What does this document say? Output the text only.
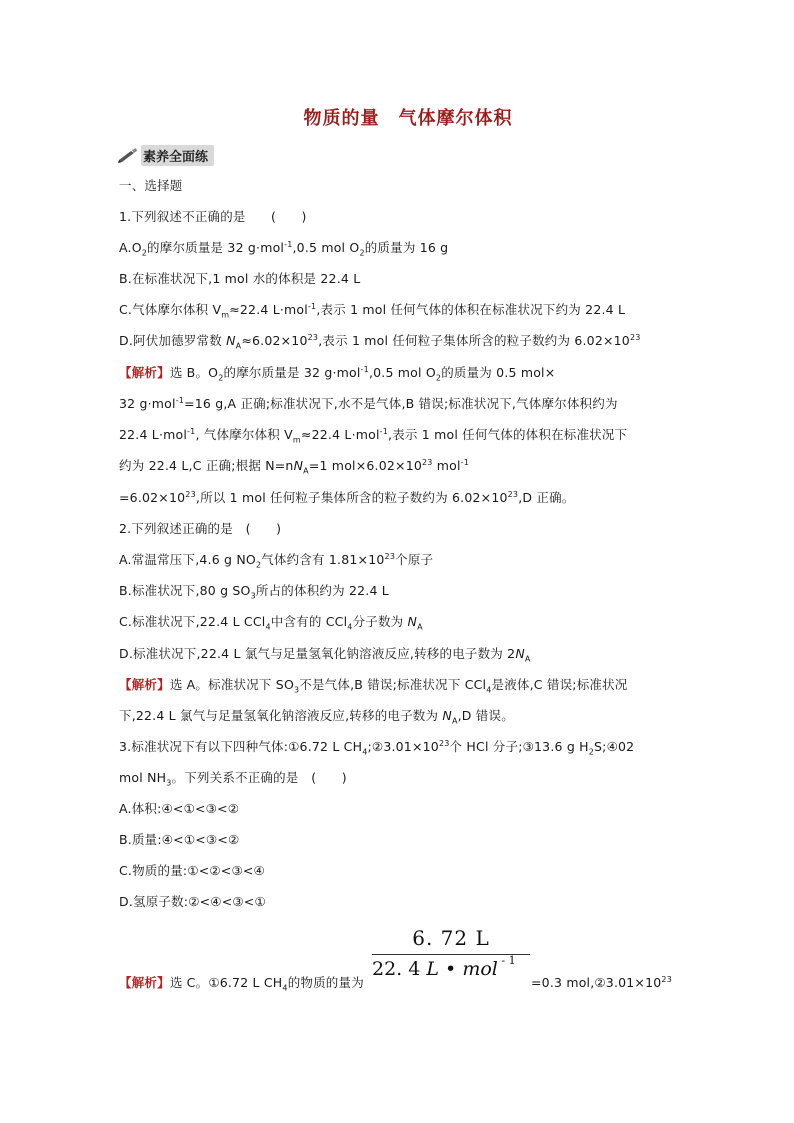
物质的量　气体摩尔体积
素养全面练
一、选择题
1.下列叙述不正确的是　　(　　)
$A.O_2$的摩尔质量是 32 g·mol$^{-1}$,0.5 mol $O_2$的质量为 16 g
B.在标准状况下,1 mol 水的体积是 22.4 L
C.气体摩尔体积 $V_m\approx 22.4$ L·mol$^{-1}$,表示 1 mol 任何气体的体积在标准状况下约为 22.4 L
D.阿伏加德罗常数 $N_A\approx 6.02\times 10^{23}$,表示 1 mol 任何粒子集体所含的粒子数约为 $6.02\times 10^{23}$
【解析】选 B。$O_2$的摩尔质量是 32 g·mol$^{-1}$,0.5 mol $O_2$的质量为 0.5 mol×
32 g·mol$^{-1}$=16 g,A 正确;标准状况下,水不是气体,B 错误;标准状况下,气体摩尔体积约为
22.4 L·mol$^{-1}$, 气体摩尔体积 $V_m\approx 22.4$ L·mol$^{-1}$,表示 1 mol 任何气体的体积在标准状况下
约为 22.4 L,C 正确;根据 $N=nN_A=1$ $mol\times 6.02\times 10^{23}$ mol$^{-1}$
$=6.02\times 10^{23}$,所以 1 mol 任何粒子集体所含的粒子数约为 $6.02\times 10^{23},D$ 正确。
2.下列叙述正确的是　(　　)
A.常温常压下,4.6 g $NO_2$气体约含有 $1.81\times 10^{23}$个原子
B.标准状况下,80 g $SO_3$所占的体积约为 22.4 L
C.标准状况下,22.4 L CCl$_4$中含有的 CCl$_4$分子数为 $N_A$
D.标准状况下,22.4 L 氯气与足量氢氧化钠溶液反应,转移的电子数为 $2N_A$
【解析】选 A。标准状况下 $SO_3$不是气体,B 错误;标准状况下 CCl$_4$是液体,C 错误;标准状况
下,22.4 L 氯气与足量氢氧化钠溶液反应,转移的电子数为 $N_A,D$ 错误。
3.标准状况下有以下四种气体:①6.72 L $CH_4;②3.01\times 10^{23}$个 HCl 分子;③13.6 g $H_2S;④02$
mol $NH_3$。下列关系不正确的是　(　　)
A.体积:④<①<③<②
B.质量:④<①<③<②
C.物质的量:①<②<③<④
D.氢原子数:②<④<③<①
6. 72 L
22. 4 L • mol $^{- 1}$
【解析】选 C。①6.72 L $CH_4$的物质的量为	=0.3 $mol,②3.01\times 10^{23}$
